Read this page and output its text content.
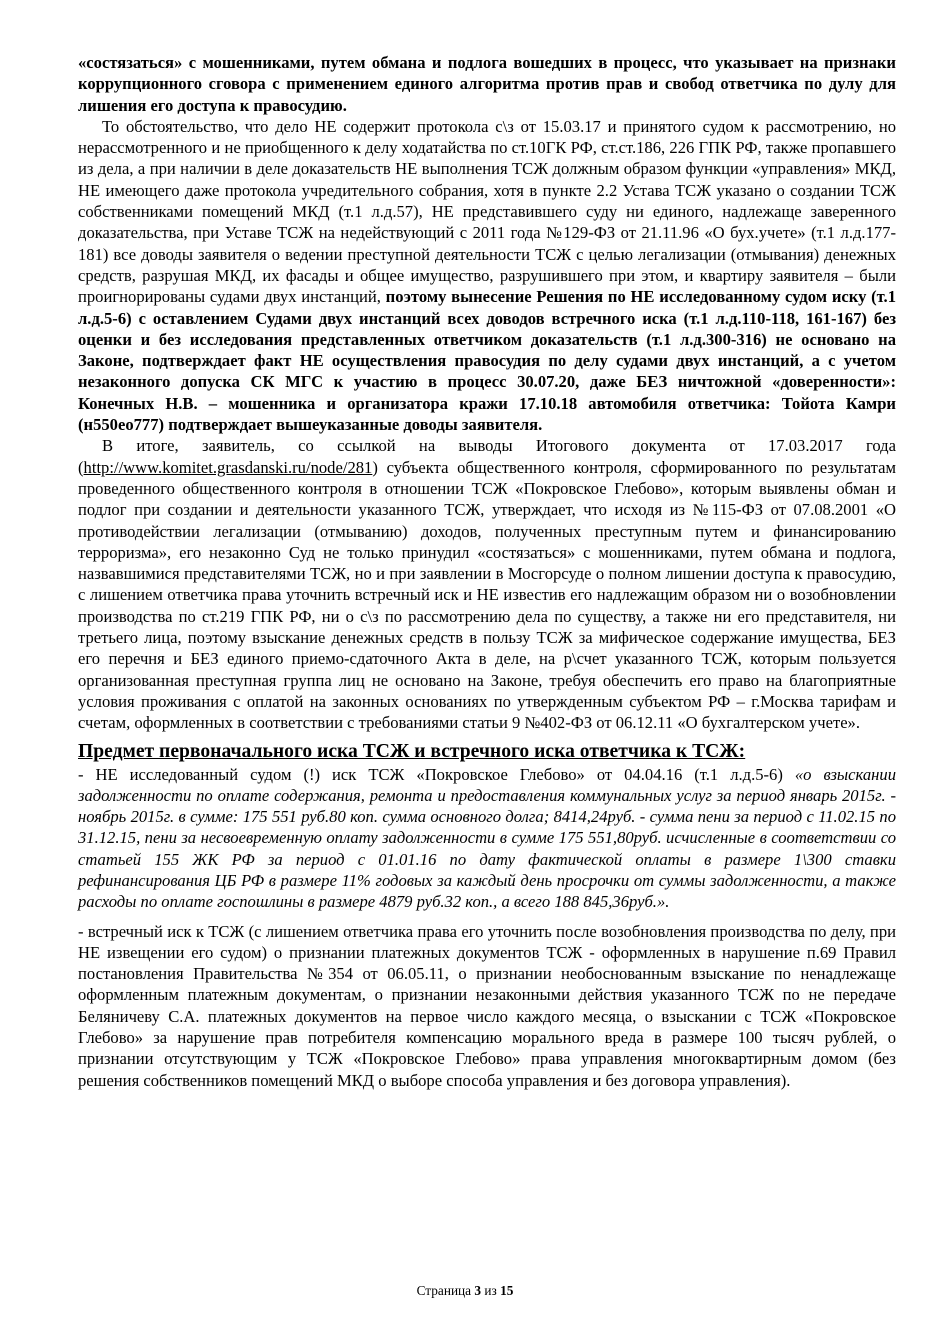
«состязаться» с мошенниками, путем обмана и подлога вошедших в процесс, что указывает на признаки коррупционного сговора с применением единого алгоритма против прав и свобод ответчика по дулу для лишения его доступа к правосудию.

То обстоятельство, что дело НЕ содержит протокола с\з от 15.03.17 и принятого судом к рассмотрению, но нерассмотренного и не приобщенного к делу ходатайства по ст.10ГК РФ, ст.ст.186, 226 ГПК РФ, также пропавшего из дела, а при наличии в деле доказательств НЕ выполнения ТСЖ должным образом функции «управления» МКД, НЕ имеющего даже протокола учредительного собрания, хотя в пункте 2.2 Устава ТСЖ указано о создании ТСЖ собственниками помещений МКД (т.1 л.д.57), НЕ представившего суду ни единого, надлежаще заверенного доказательства, при Уставе ТСЖ на недействующий с 2011 года №129-ФЗ от 21.11.96 «О бух.учете» (т.1 л.д.177-181) все доводы заявителя о ведении преступной деятельности ТСЖ с целью легализации (отмывания) денежных средств, разрушая МКД, их фасады и общее имущество, разрушившего при этом, и квартиру заявителя – были проигнорированы судами двух инстанций, поэтому вынесение Решения по НЕ исследованному судом иску (т.1 л.д.5-6) с оставлением Судами двух инстанций всех доводов встречного иска (т.1 л.д.110-118, 161-167) без оценки и без исследования представленных ответчиком доказательств (т.1 л.д.300-316) не основано на Законе, подтверждает факт НЕ осуществления правосудия по делу судами двух инстанций, а с учетом незаконного допуска СК МГС к участию в процесс 30.07.20, даже БЕЗ ничтожной «доверенности»: Конечных Н.В. – мошенника и организатора кражи 17.10.18 автомобиля ответчика: Тойота Камри (н550ео777) подтверждает вышеуказанные доводы заявителя.

В итоге, заявитель, со ссылкой на выводы Итогового документа от 17.03.2017 года (http://www.komitet.grasdanski.ru/node/281) субъекта общественного контроля, сформированного по результатам проведенного общественного контроля в отношении ТСЖ «Покровское Глебово», которым выявлены обман и подлог при создании и деятельности указанного ТСЖ, утверждает, что исходя из №115-ФЗ от 07.08.2001 «О противодействии легализации (отмыванию) доходов, полученных преступным путем и финансированию терроризма», его незаконно Суд не только принудил «состязаться» с мошенниками, путем обмана и подлога, назвавшимися представителями ТСЖ, но и при заявлении в Мосгорсуде о полном лишении доступа к правосудию, с лишением ответчика права уточнить встречный иск и НЕ известив его надлежащим образом ни о возобновлении производства по ст.219 ГПК РФ, ни о с\з по рассмотрению дела по существу, а также ни его представителя, ни третьего лица, поэтому взыскание денежных средств в пользу ТСЖ за мифическое содержание имущества, БЕЗ его перечня и БЕЗ единого приемо-сдаточного Акта в деле, на р\счет указанного ТСЖ, которым пользуется организованная преступная группа лиц не основано на Законе, требуя обеспечить его право на благоприятные условия проживания с оплатой на законных основаниях по утвержденным субъектом РФ – г.Москва тарифам и счетам, оформленных в соответствии с требованиями статьи 9 №402-ФЗ от 06.12.11 «О бухгалтерском учете».

Предмет первоначального иска ТСЖ и встречного иска ответчика к ТСЖ:

- НЕ исследованный судом (!) иск ТСЖ «Покровское Глебово» от 04.04.16 (т.1 л.д.5-6) «о взыскании задолженности по оплате содержания, ремонта и предоставления коммунальных услуг за период январь 2015г. - ноябрь 2015г. в сумме: 175 551 руб.80 коп. сумма основного долга; 8414,24руб. - сумма пени за период с 11.02.15 по 31.12.15, пени за несвоевременную оплату задолженности в сумме 175 551,80руб. исчисленные в соответствии со статьей 155 ЖК РФ за период с 01.01.16 по дату фактической оплаты в размере 1\300 ставки рефинансирования ЦБ РФ в размере 11% годовых за каждый день просрочки от суммы задолженности, а также расходы по оплате госпошлины в размере 4879 руб.32 коп., а всего 188 845,36руб.».

- встречный иск к ТСЖ (с лишением ответчика права его уточнить после возобновления производства по делу, при НЕ извещении его судом) о признании платежных документов ТСЖ - оформленных в нарушение п.69 Правил постановления Правительства №354 от 06.05.11, о признании необоснованным взыскание по ненадлежаще оформленным платежным документам, о признании незаконными действия указанного ТСЖ по не передаче Беляничеву С.А. платежных документов на первое число каждого месяца, о взыскании с ТСЖ «Покровское Глебово» за нарушение прав потребителя компенсацию морального вреда в размере 100 тысяч рублей, о признании отсутствующим у ТСЖ «Покровское Глебово» права управления многоквартирным домом (без решения собственников помещений МКД о выборе способа управления и без договора управления).

Страница 3 из 15
